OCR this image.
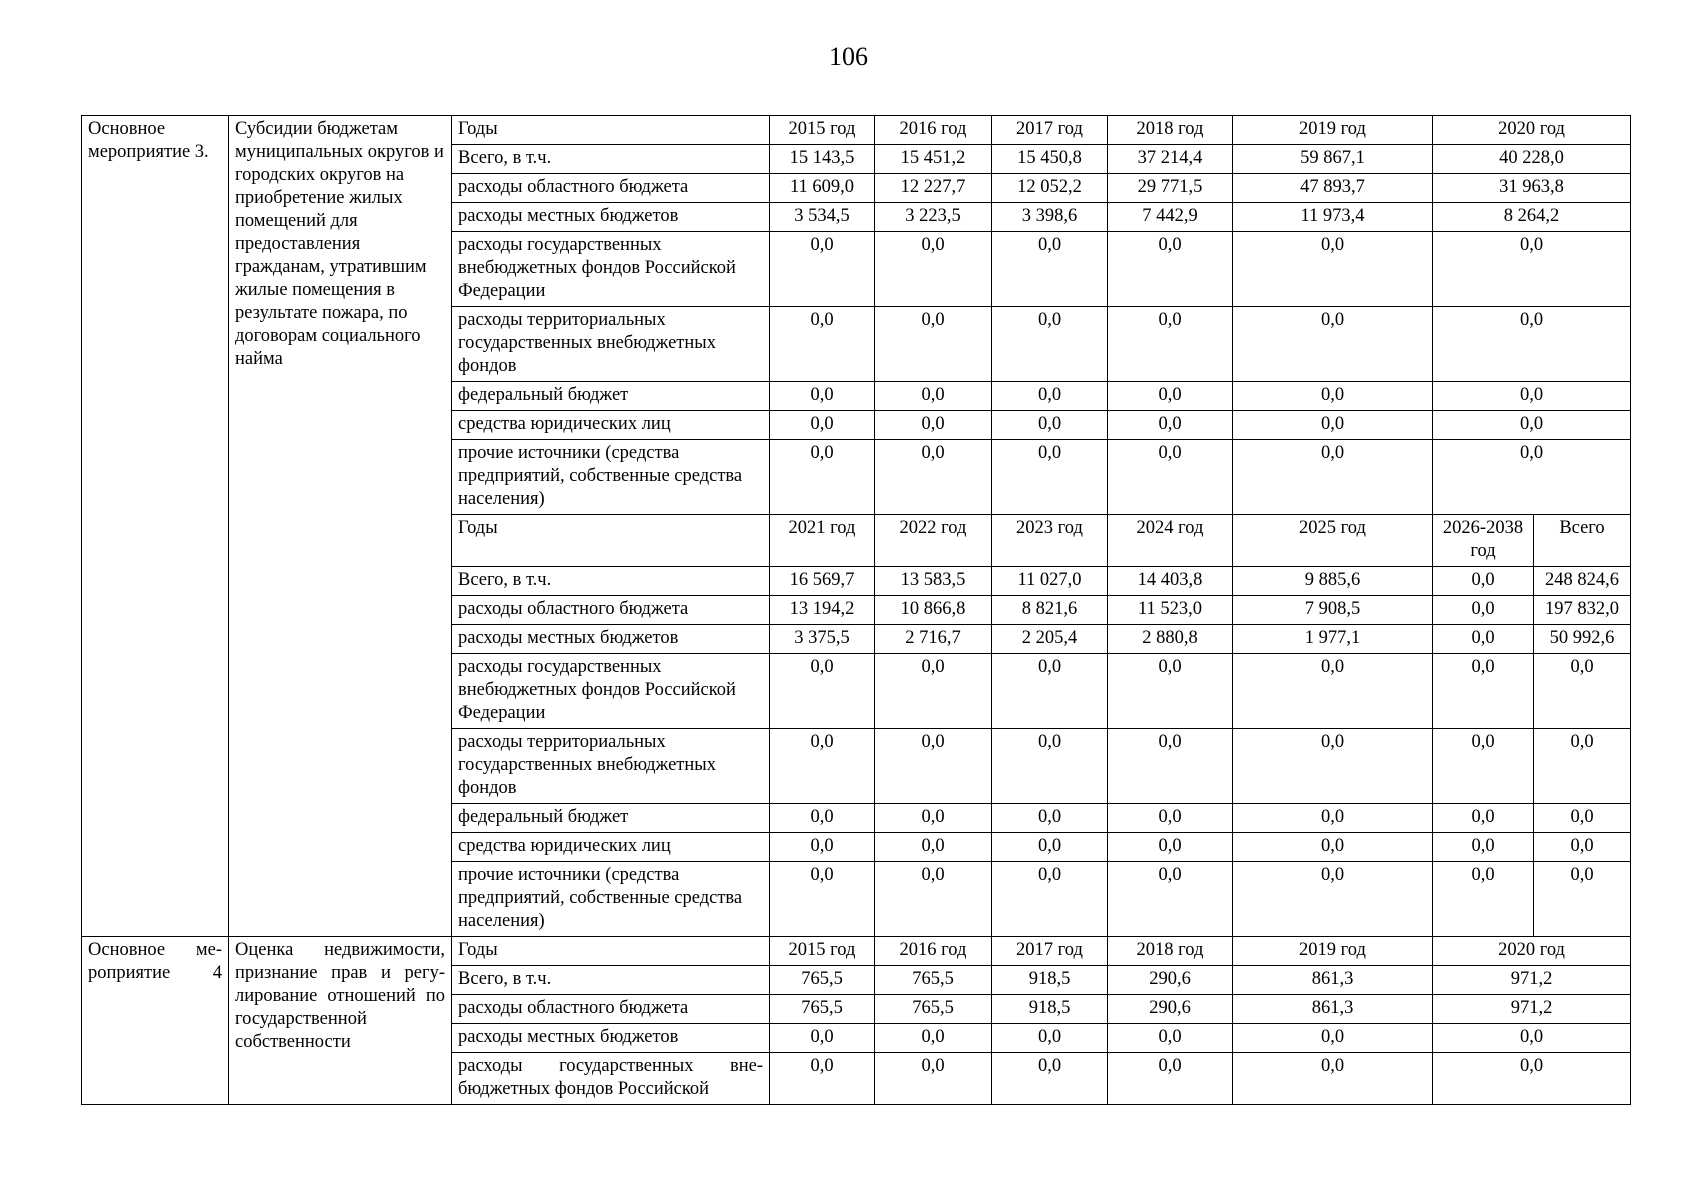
106
Основное мероприятие 3.	Субсидии бюджетам муниципальных округов и городских округов на приобретение жилых помещений для предоставления гражданам, утратившим жилые помещения в результате пожара, по договорам социального найма	Годы	2015 год	2016 год	2017 год	2018 год	2019 год	2020 год	
		Всего, в т.ч.	15 143,5	15 451,2	15 450,8	37 214,4	59 867,1	40 228,0	
		расходы областного бюджета	11 609,0	12 227,7	12 052,2	29 771,5	47 893,7	31 963,8	
		расходы местных бюджетов	3 534,5	3 223,5	3 398,6	7 442,9	11 973,4	8 264,2	
		расходы государственных внебюджетных фондов Российской Федерации	0,0	0,0	0,0	0,0	0,0	0,0	
		расходы территориальных государственных внебюджетных фондов	0,0	0,0	0,0	0,0	0,0	0,0	
		федеральный бюджет	0,0	0,0	0,0	0,0	0,0	0,0	
		средства юридических лиц	0,0	0,0	0,0	0,0	0,0	0,0	
		прочие источники (средства предприятий, собственные средства населения)	0,0	0,0	0,0	0,0	0,0	0,0	
		Годы	2021 год	2022 год	2023 год	2024 год	2025 год	2026-2038 год	Всего
		Всего, в т.ч.	16 569,7	13 583,5	11 027,0	14 403,8	9 885,6	0,0	248 824,6
		расходы областного бюджета	13 194,2	10 866,8	8 821,6	11 523,0	7 908,5	0,0	197 832,0
		расходы местных бюджетов	3 375,5	2 716,7	2 205,4	2 880,8	1 977,1	0,0	50 992,6
		расходы государственных внебюджетных фондов Российской Федерации	0,0	0,0	0,0	0,0	0,0	0,0	0,0
		расходы территориальных государственных внебюджетных фондов	0,0	0,0	0,0	0,0	0,0	0,0	0,0
		федеральный бюджет	0,0	0,0	0,0	0,0	0,0	0,0	0,0
		средства юридических лиц	0,0	0,0	0,0	0,0	0,0	0,0	0,0
		прочие источники (средства предприятий, собственные средства населения)	0,0	0,0	0,0	0,0	0,0	0,0	0,0
Основное ме-роприятие 4	Оценка недвижимости, признание прав и регу-лирование отношений по государственной собственности	Годы	2015 год	2016 год	2017 год	2018 год	2019 год	2020 год	
		Всего, в т.ч.	765,5	765,5	918,5	290,6	861,3	971,2	
		расходы областного бюджета	765,5	765,5	918,5	290,6	861,3	971,2	
		расходы местных бюджетов	0,0	0,0	0,0	0,0	0,0	0,0	
		расходы государственных вне-бюджетных фондов Российской	0,0	0,0	0,0	0,0	0,0	0,0	
